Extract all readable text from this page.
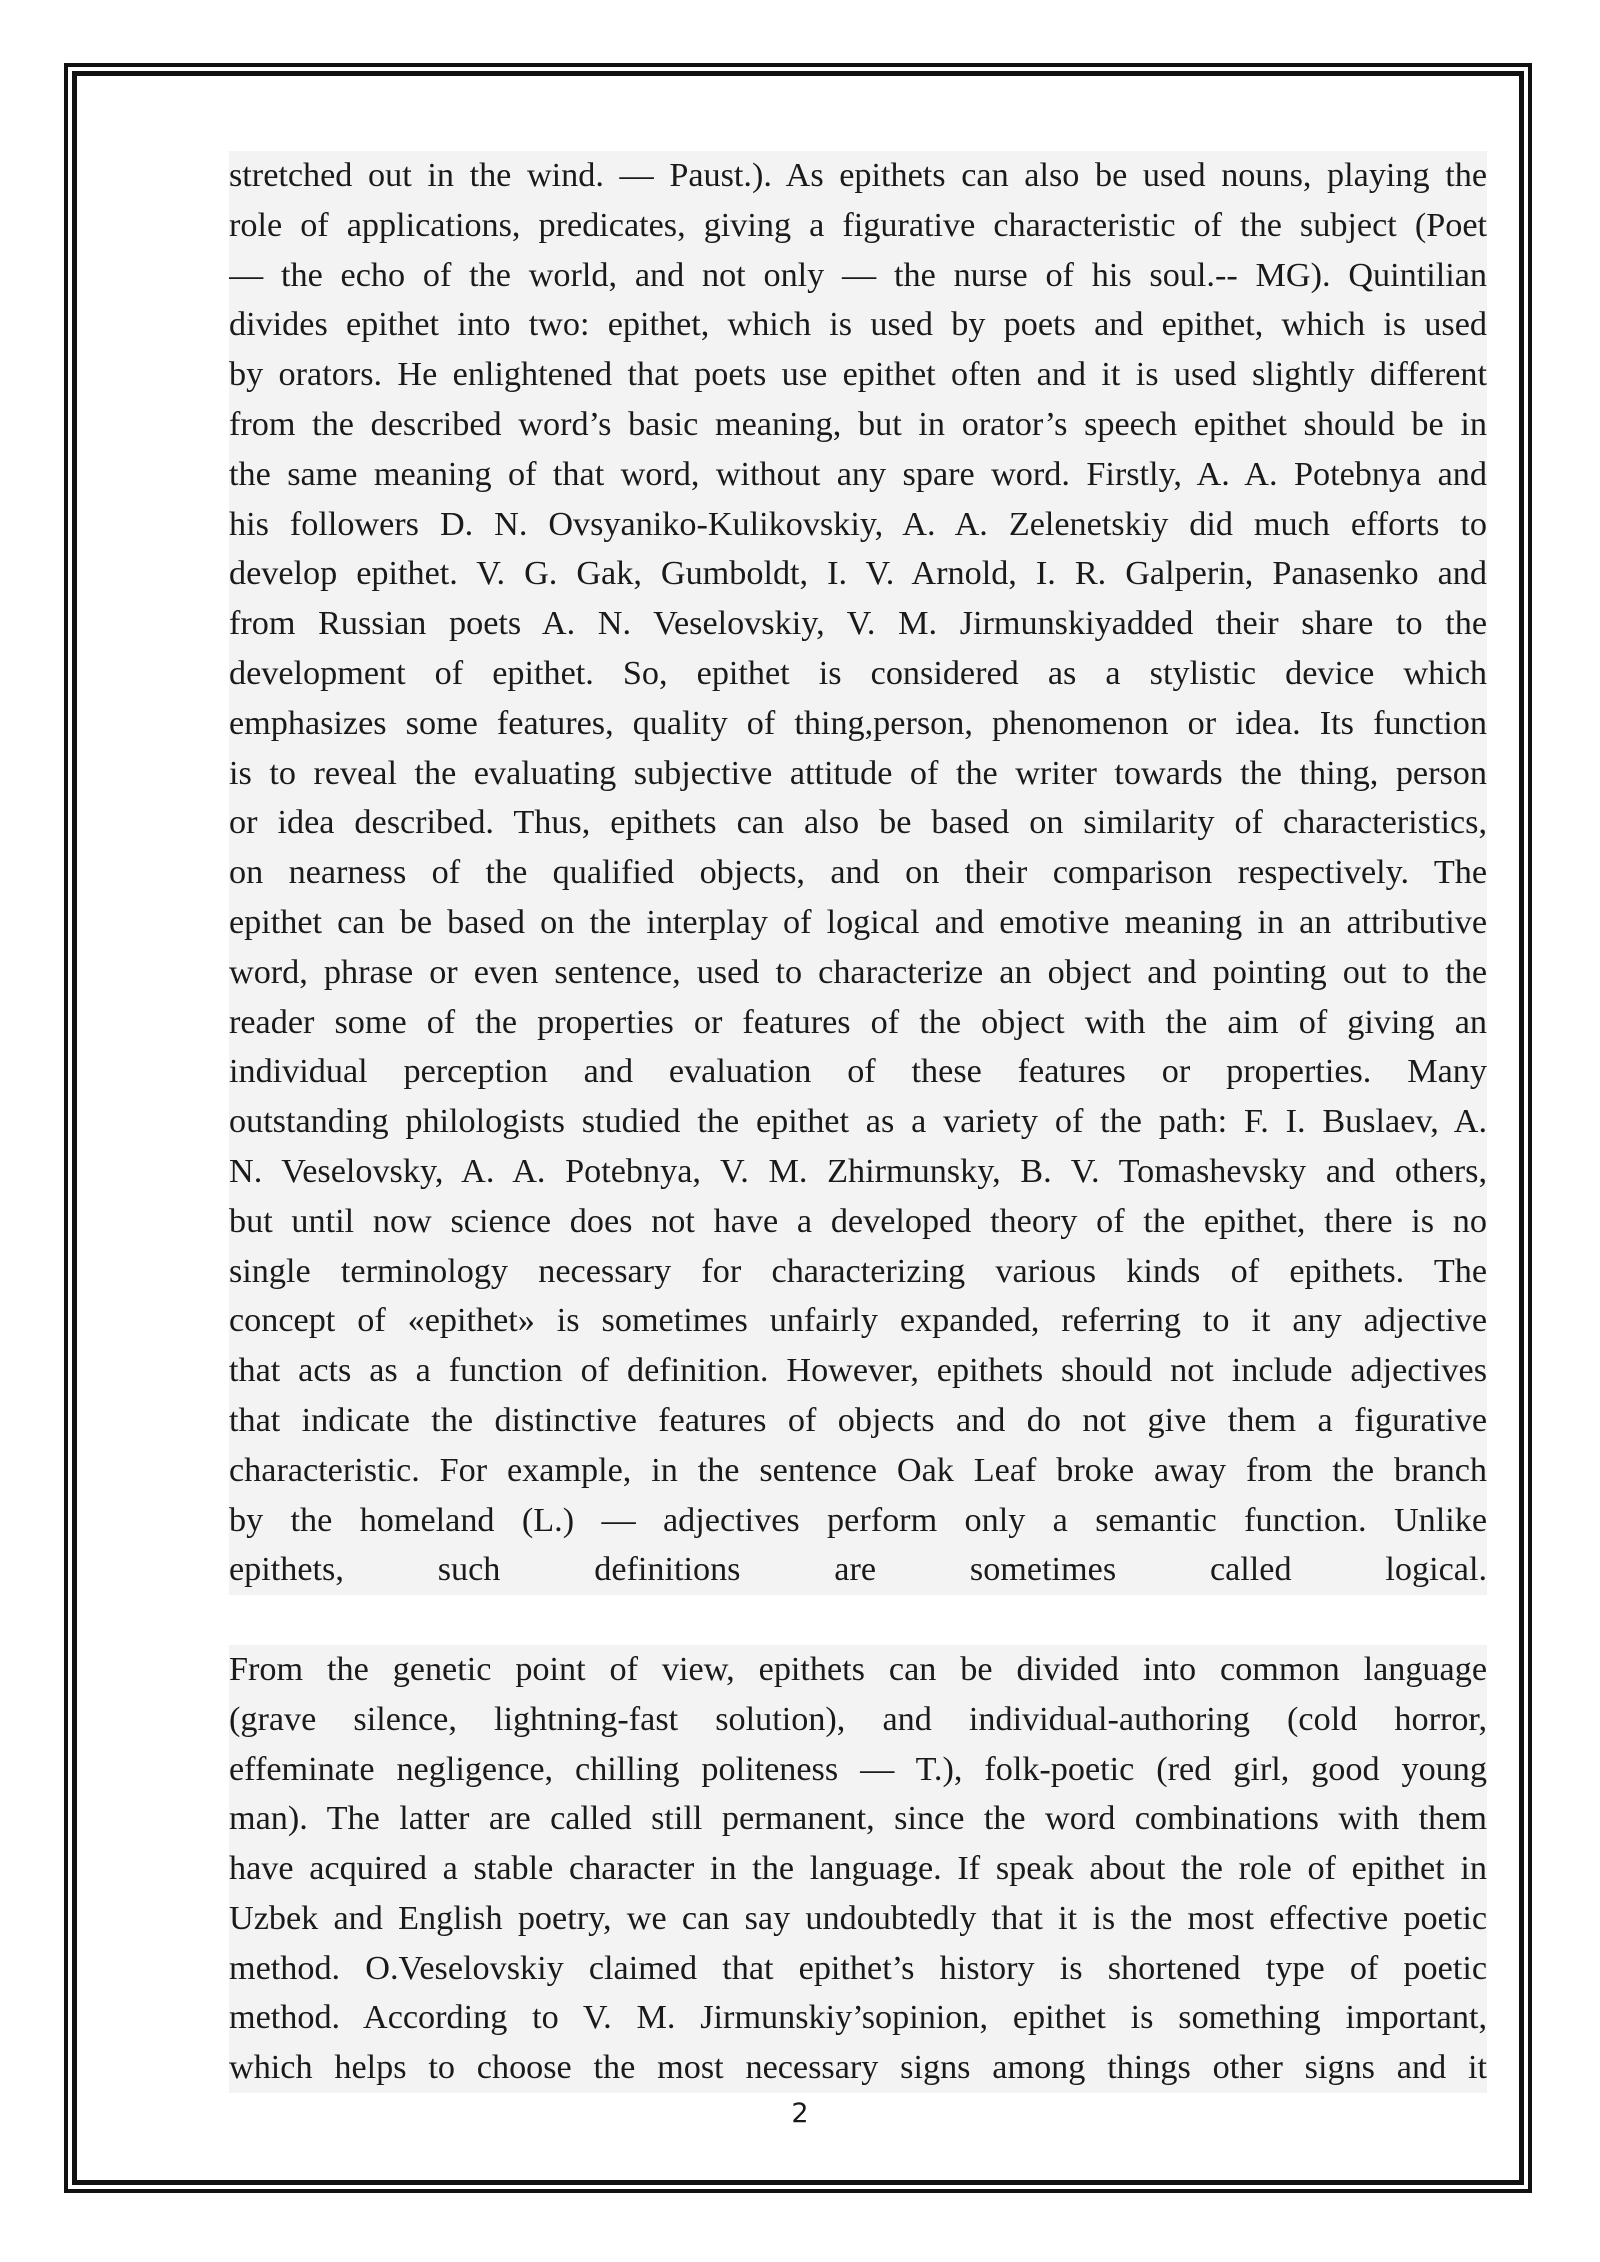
stretched out in the wind. — Paust.). As epithets can also be used nouns, playing the
role of applications, predicates, giving a figurative characteristic of the subject (Poet
— the echo of the world, and not only — the nurse of his soul.-- MG). Quintilian
divides epithet into two: epithet, which is used by poets and epithet, which is used
by orators. He enlightened that poets use epithet often and it is used slightly different
from the described word’s basic meaning, but in orator’s speech epithet should be in
the same meaning of that word, without any spare word. Firstly, A. A. Potebnya and
his followers D. N. Ovsyaniko-Kulikovskiy, A. A. Zelenetskiy did much efforts to
develop epithet. V. G. Gak, Gumboldt, I. V. Arnold, I. R. Galperin, Panasenko and
from Russian poets A. N. Veselovskiy, V. M. Jirmunskiyadded their share to the
development of epithet. So, epithet is considered as a stylistic device which
emphasizes some features, quality of thing,person, phenomenon or idea. Its function
is to reveal the evaluating subjective attitude of the writer towards the thing, person
or idea described. Thus, epithets can also be based on similarity of characteristics,
on nearness of the qualified objects, and on their comparison respectively. The
epithet can be based on the interplay of logical and emotive meaning in an attributive
word, phrase or even sentence, used to characterize an object and pointing out to the
reader some of the properties or features of the object with the aim of giving an
individual perception and evaluation of these features or properties. Many
outstanding philologists studied the epithet as a variety of the path: F. I. Buslaev, A.
N. Veselovsky, A. A. Potebnya, V. M. Zhirmunsky, B. V. Tomashevsky and others,
but until now science does not have a developed theory of the epithet, there is no
single terminology necessary for characterizing various kinds of epithets. The
concept of «epithet» is sometimes unfairly expanded, referring to it any adjective
that acts as a function of definition. However, epithets should not include adjectives
that indicate the distinctive features of objects and do not give them a figurative
characteristic. For example, in the sentence Oak Leaf broke away from the branch
by the homeland (L.) — adjectives perform only a semantic function. Unlike
epithets, such definitions are sometimes called logical.
From the genetic point of view, epithets can be divided into common language
(grave silence, lightning-fast solution), and individual-authoring (cold horror,
effeminate negligence, chilling politeness — T.), folk-poetic (red girl, good young
man). The latter are called still permanent, since the word combinations with them
have acquired a stable character in the language. If speak about the role of epithet in
Uzbek and English poetry, we can say undoubtedly that it is the most effective poetic
method. O.Veselovskiy claimed that epithet’s history is shortened type of poetic
method. According to V. M. Jirmunskiy’sopinion, epithet is something important,
which helps to choose the most necessary signs among things other signs and it
2
